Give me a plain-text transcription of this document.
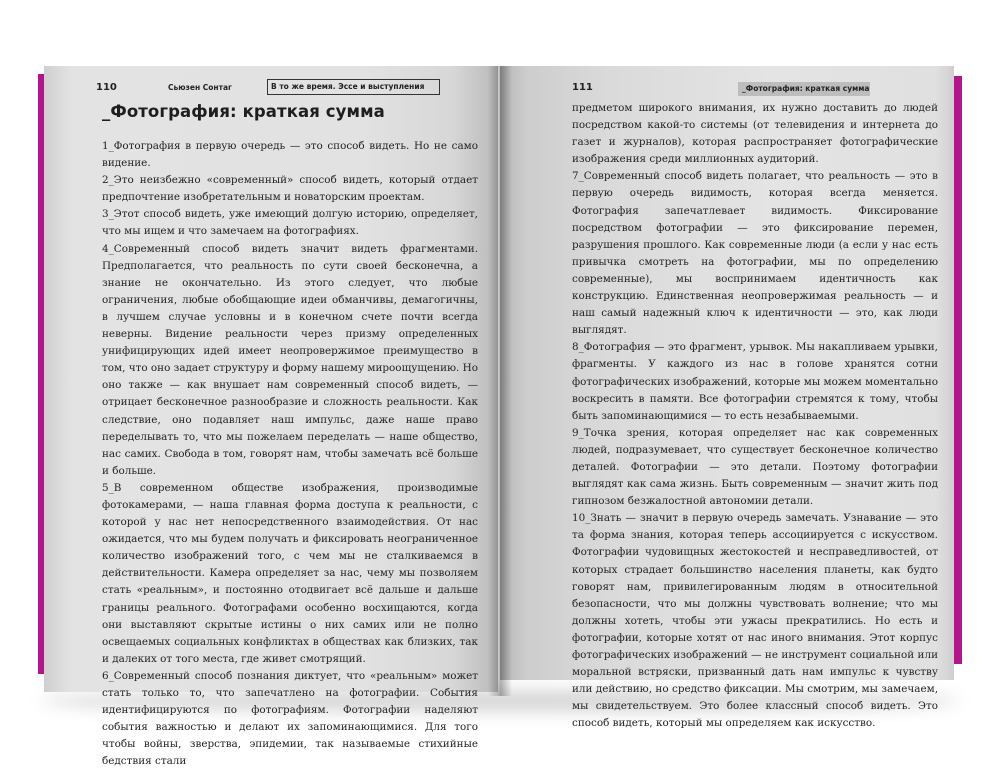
110	Сьюзен Сонтаг	В то же время. Эссе и выступления
_Фотография: краткая сумма

1_Фотография в первую очередь — это способ видеть. Но не само видение.

2_Это неизбежно «современный» способ видеть, который отдает предпочтение изобретательным и новаторским проектам.

3_Этот способ видеть, уже имеющий долгую историю, определяет, что мы ищем и что замечаем на фотографиях.

4_Современный способ видеть значит видеть фрагментами. Предполагается, что реальность по сути своей бесконечна, а знание не окончательно. Из этого следует, что любые ограничения, любые обобщающие идеи обманчивы, демагогичны, в лучшем случае условны и в конечном счете почти всегда неверны. Видение реальности через призму определенных унифицирующих идей имеет неопровержимое преимущество в том, что оно задает структуру и форму нашему мироощущению. Но оно также — как внушает нам современный способ видеть, — отрицает бесконечное разнообразие и сложность реальности. Как следствие, оно подавляет наш импульс, даже наше право переделывать то, что мы пожелаем переделать — наше общество, нас самих. Свобода в том, говорят нам, чтобы замечать всё больше и больше.

5_В современном обществе изображения, производимые фотокамерами, — наша главная форма доступа к реальности, с которой у нас нет непосредственного взаимодействия. От нас ожидается, что мы будем получать и фиксировать неограниченное количество изображений того, с чем мы не сталкиваемся в действительности. Камера определяет за нас, чему мы позволяем стать «реальным», и постоянно отодвигает всё дальше и дальше границы реального. Фотографами особенно восхищаются, когда они выставляют скрытые истины о них самих или не полно освещаемых социальных конфликтах в обществах как близких, так и далеких от того места, где живет смотрящий.

6_Современный способ познания диктует, что «реальным» может стать только то, что запечатлено на фотографии. События идентифицируются по фотографиям. Фотографии наделяют события важностью и делают их запоминающимися. Для того чтобы войны, зверства, эпидемии, так называемые стихийные бедствия стали

111	_Фотография: краткая сумма

предметом широкого внимания, их нужно доставить до людей посредством какой-то системы (от телевидения и интернета до газет и журналов), которая распространяет фотографические изображения среди миллионных аудиторий.

7_Современный способ видеть полагает, что реальность — это в первую очередь видимость, которая всегда меняется. Фотография запечатлевает видимость. Фиксирование посредством фотографии — это фиксирование перемен, разрушения прошлого. Как современные люди (а если у нас есть привычка смотреть на фотографии, мы по определению современные), мы воспринимаем идентичность как конструкцию. Единственная неопровержимая реальность — и наш самый надежный ключ к идентичности — это, как люди выглядят.

8_Фотография — это фрагмент, урывок. Мы накапливаем урывки, фрагменты. У каждого из нас в голове хранятся сотни фотографических изображений, которые мы можем моментально воскресить в памяти. Все фотографии стремятся к тому, чтобы быть запоминающимися — то есть незабываемыми.

9_Точка зрения, которая определяет нас как современных людей, подразумевает, что существует бесконечное количество деталей. Фотографии — это детали. Поэтому фотографии выглядят как сама жизнь. Быть современным — значит жить под гипнозом безжалостной автономии детали.

10_Знать — значит в первую очередь замечать. Узнавание — это та форма знания, которая теперь ассоциируется с искусством. Фотографии чудовищных жестокостей и несправедливостей, от которых страдает большинство населения планеты, как будто говорят нам, привилегированным людям в относительной безопасности, что мы должны чувствовать волнение; что мы должны хотеть, чтобы эти ужасы прекратились. Но есть и фотографии, которые хотят от нас иного внимания. Этот корпус фотографических изображений — не инструмент социальной или моральной встряски, призванный дать нам импульс к чувству или действию, но средство фиксации. Мы смотрим, мы замечаем, мы свидетельствуем. Это более классный способ видеть. Это способ видеть, который мы определяем как искусство.
